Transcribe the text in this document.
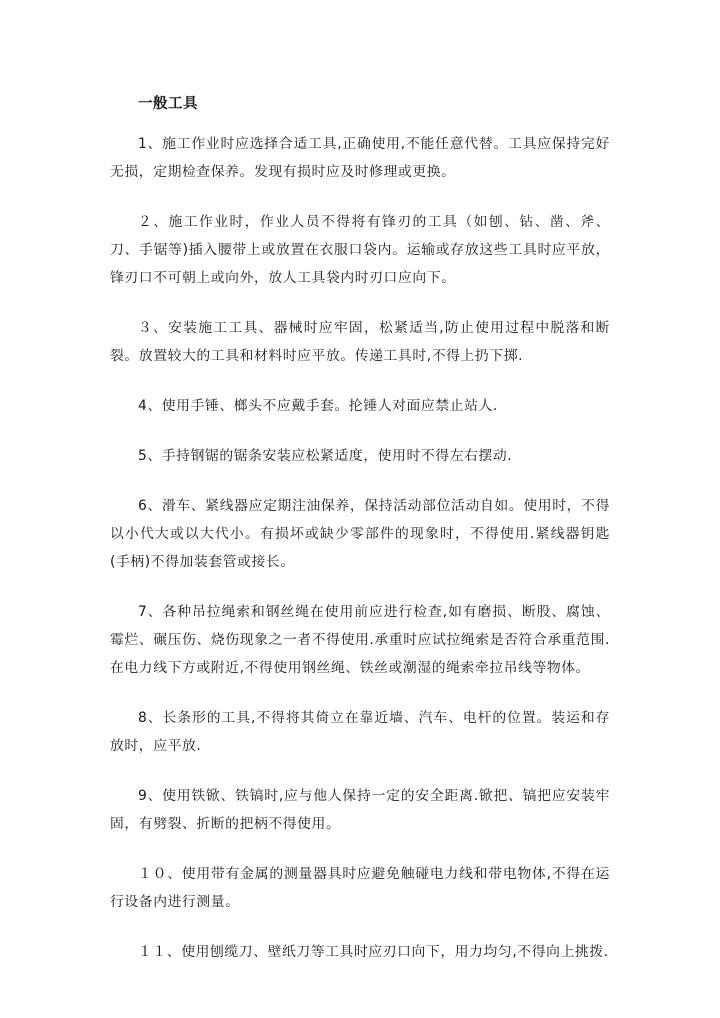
一般工具

1、施工作业时应选择合适工具,正确使用,不能任意代替。工具应保持完好无损，定期检查保养。发现有损时应及时修理或更换。

２、施工作业时，作业人员不得将有锋刃的工具（如刨、钻、凿、斧、刀、手锯等)插入腰带上或放置在衣服口袋内。运输或存放这些工具时应平放，锋刃口不可朝上或向外，放人工具袋内时刃口应向下。

３、安装施工工具、器械时应牢固，松紧适当,防止使用过程中脱落和断裂。放置较大的工具和材料时应平放。传递工具时,不得上扔下掷.

4、使用手锤、榔头不应戴手套。抡锤人对面应禁止站人.

5、手持钢锯的锯条安装应松紧适度，使用时不得左右摆动.

6、滑车、紧线器应定期注油保养，保持活动部位活动自如。使用时，不得以小代大或以大代小。有损坏或缺少零部件的现象时，不得使用.紧线器钥匙(手柄)不得加装套管或接长。

7、各种吊拉绳索和钢丝绳在使用前应进行检查,如有磨损、断股、腐蚀、霉烂、碾压伤、烧伤现象之一者不得使用.承重时应试拉绳索是否符合承重范围.在电力线下方或附近,不得使用钢丝绳、铁丝或潮湿的绳索牵拉吊线等物体。

8、长条形的工具,不得将其倚立在靠近墙、汽车、电杆的位置。装运和存放时，应平放.

9、使用铁锨、铁镐时,应与他人保持一定的安全距离.锨把、镐把应安装牢固，有劈裂、折断的把柄不得使用。

１０、使用带有金属的测量器具时应避免触碰电力线和带电物体,不得在运行设备内进行测量。

１１、使用刨缆刀、壁纸刀等工具时应刃口向下，用力均匀,不得向上挑拨.
